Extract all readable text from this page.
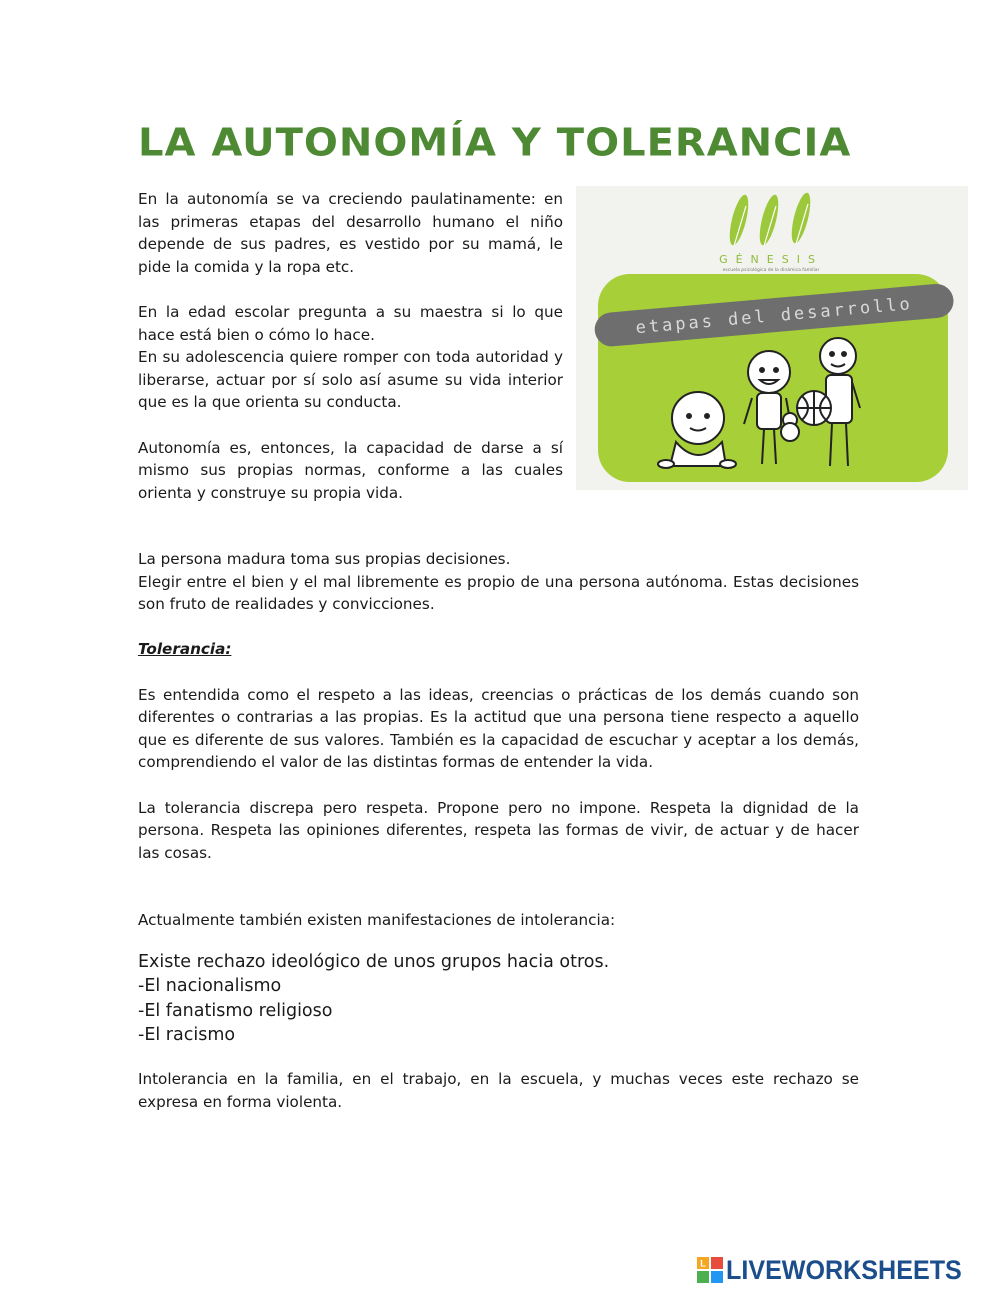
LA AUTONOMÍA Y TOLERANCIA

En la autonomía se va creciendo paulatinamente: en las primeras etapas del desarrollo humano el niño depende de sus padres, es vestido por su mamá, le pide la comida y la ropa etc.

En la edad escolar pregunta a su maestra si lo que hace está bien o cómo lo hace.

En su adolescencia quiere romper con toda autoridad y liberarse, actuar por sí solo así asume su vida interior que es la que orienta su conducta.

Autonomía es, entonces, la capacidad de darse a sí mismo sus propias normas, conforme a las cuales orienta y construye su propia vida.

GÉNESIS
escuela psicológica de la dinámica familiar
etapas del desarrollo

La persona madura toma sus propias decisiones.

Elegir entre el bien y el mal libremente es propio de una persona autónoma. Estas decisiones son fruto de realidades y convicciones.

Tolerancia:

Es entendida como el respeto a las ideas, creencias o prácticas de los demás cuando son diferentes o contrarias a las propias. Es la actitud que una persona tiene respecto a aquello que es diferente de sus valores. También es la capacidad de escuchar y aceptar a los demás, comprendiendo el valor de las distintas formas de entender la vida.

La tolerancia discrepa pero respeta. Propone pero no impone. Respeta la dignidad de la persona. Respeta las opiniones diferentes, respeta las formas de vivir, de actuar y de hacer las cosas.

Actualmente también existen manifestaciones de intolerancia:

Existe rechazo ideológico de unos grupos hacia otros.

-El nacionalismo

-El fanatismo religioso

-El racismo

Intolerancia en la familia, en el trabajo, en la escuela, y muchas veces este rechazo se expresa en forma violenta.

L LIVEWORKSHEETS
